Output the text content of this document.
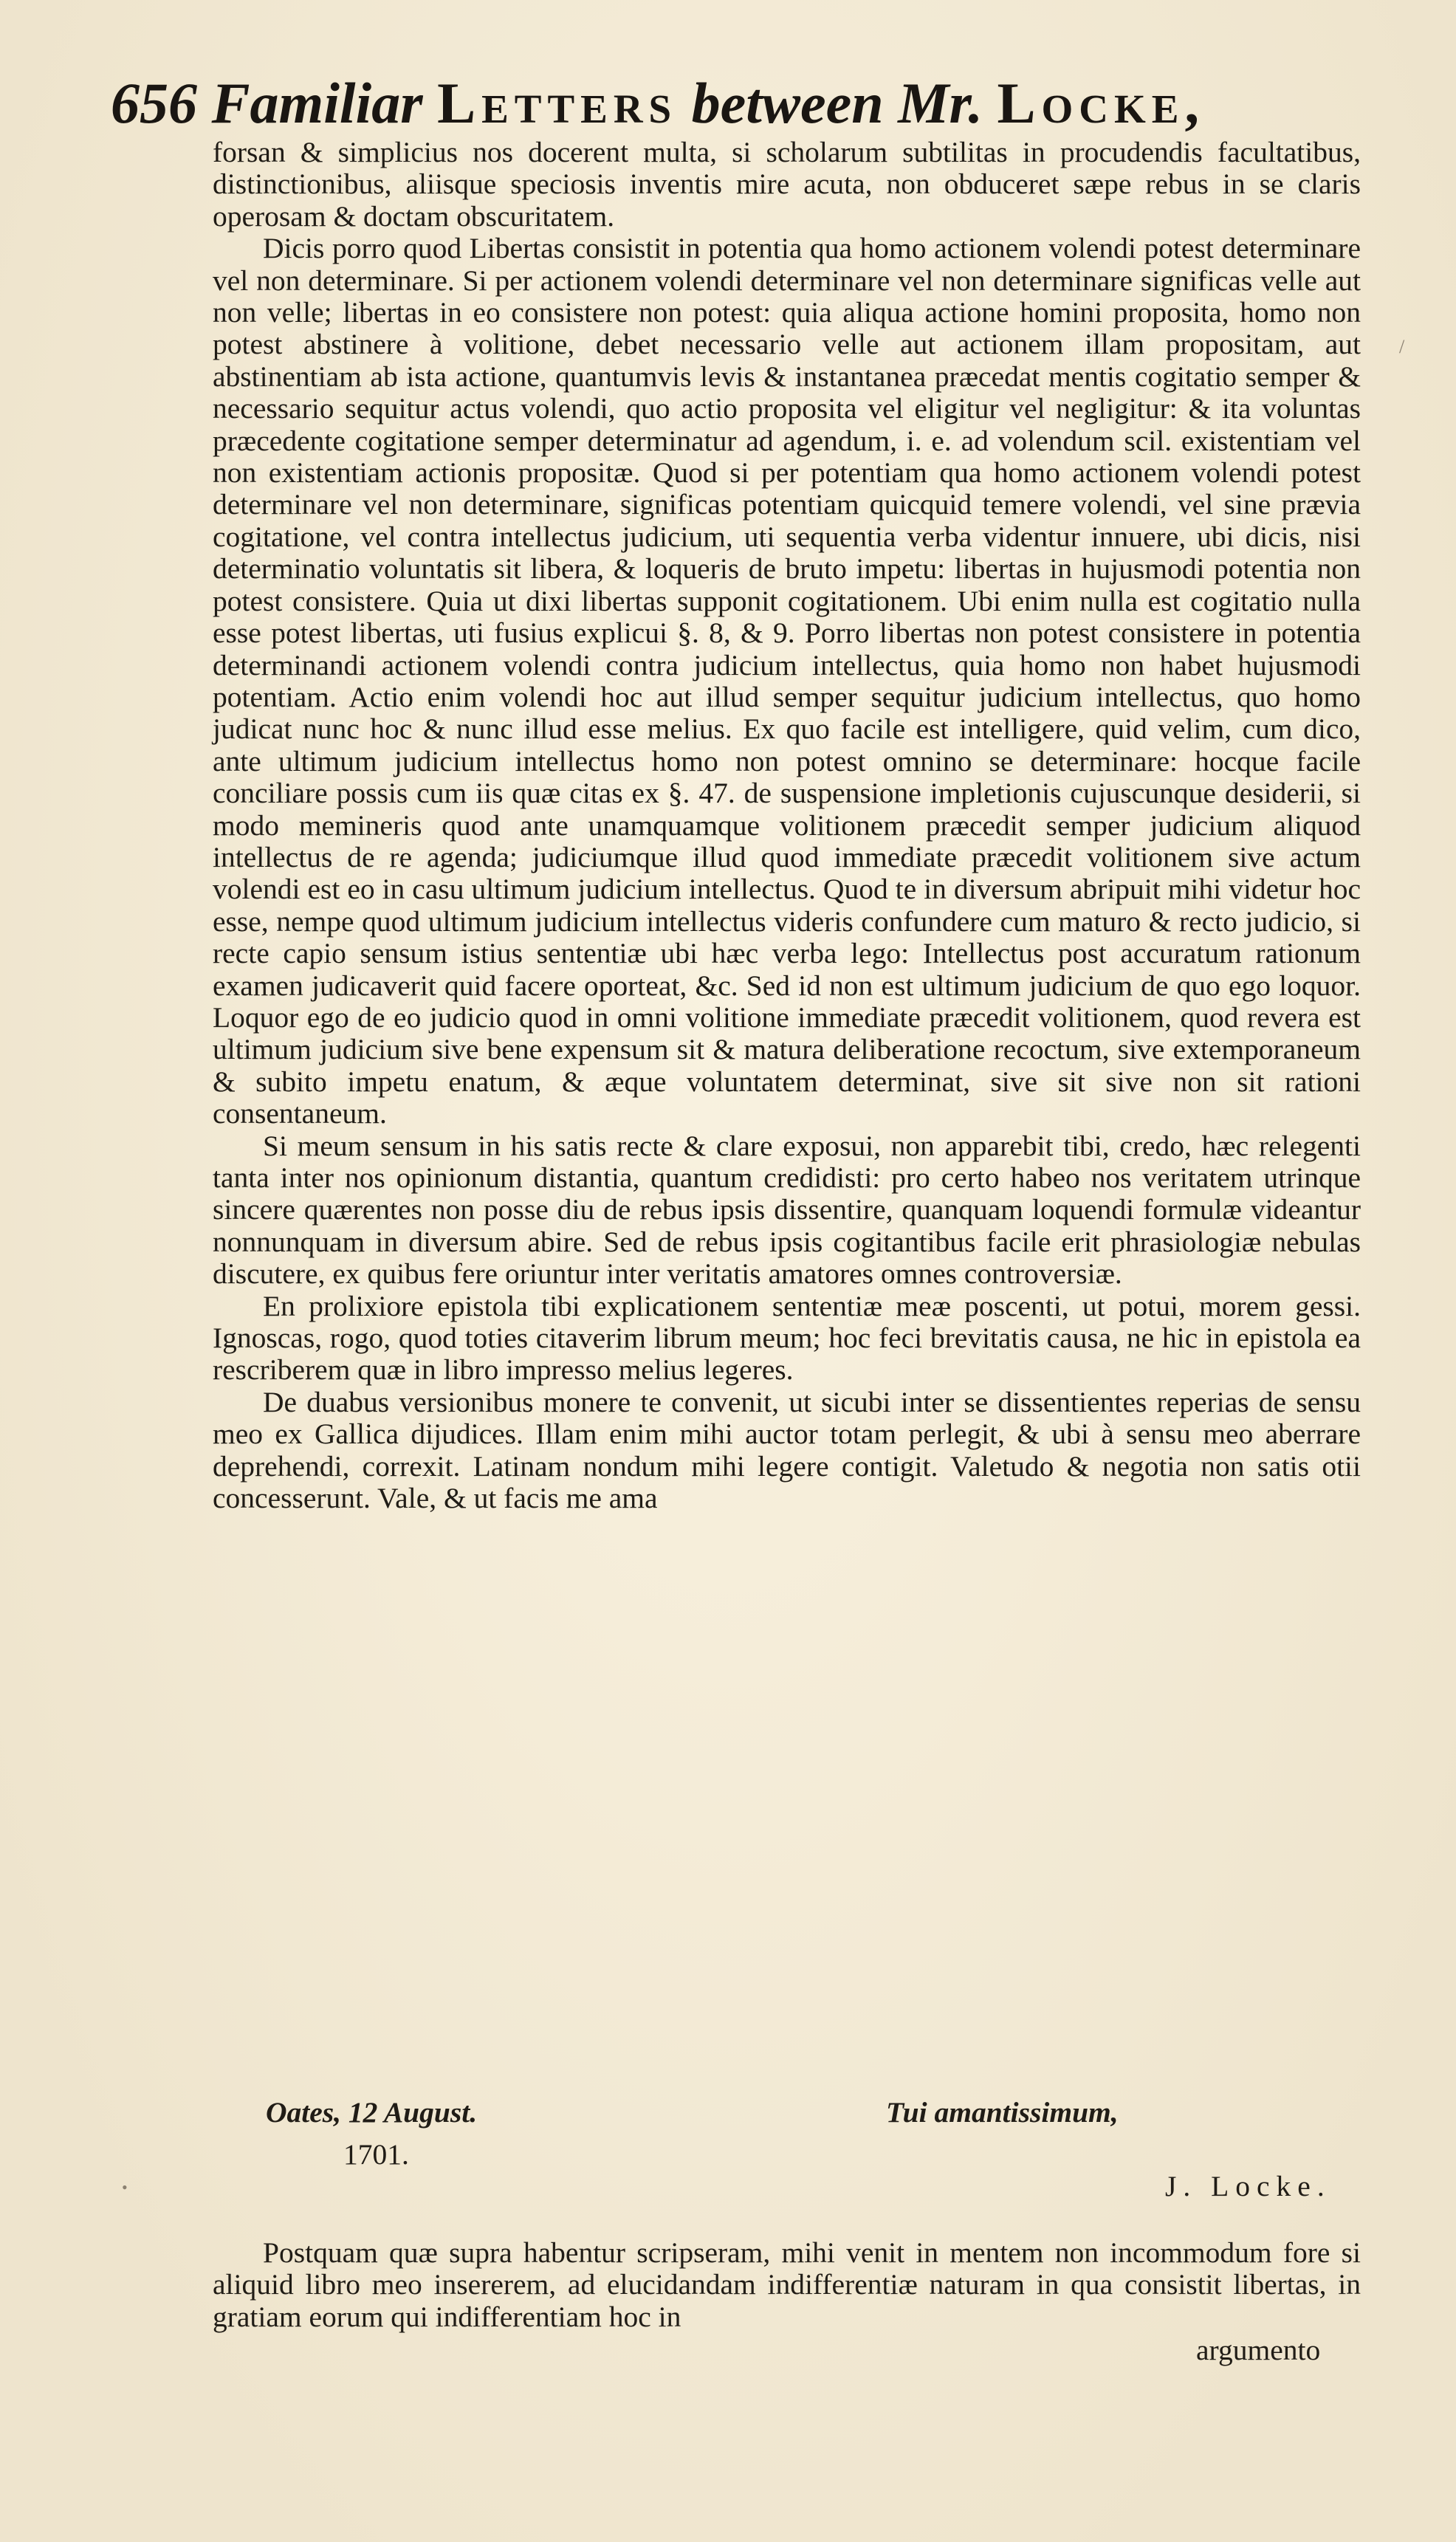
656 Familiar Letters between Mr. Locke,

forsan & simplicius nos docerent multa, si scholarum subtilitas in procudendis facultatibus, distinctionibus, aliisque speciosis inventis mire acuta, non obduceret sæpe rebus in se claris operosam & doctam obscuritatem.

Dicis porro quod Libertas consistit in potentia qua homo actionem volendi potest determinare vel non determinare. Si per actionem volendi determinare vel non determinare significas velle aut non velle; libertas in eo consistere non potest: quia aliqua actione homini proposita, homo non potest abstinere à volitione, debet necessario velle aut actionem illam propositam, aut abstinentiam ab ista actione, quantumvis levis & instantanea præcedat mentis cogitatio semper & necessario sequitur actus volendi, quo actio proposita vel eligitur vel negligitur: & ita voluntas præcedente cogitatione semper determinatur ad agendum, i. e. ad volendum scil. existentiam vel non existentiam actionis propositæ. Quod si per potentiam qua homo actionem volendi potest determinare vel non determinare, significas potentiam quicquid temere volendi, vel sine prævia cogitatione, vel contra intellectus judicium, uti sequentia verba videntur innuere, ubi dicis, nisi determinatio voluntatis sit libera, & loqueris de bruto impetu: libertas in hujusmodi potentia non potest consistere. Quia ut dixi libertas supponit cogitationem. Ubi enim nulla est cogitatio nulla esse potest libertas, uti fusius explicui §. 8, & 9. Porro libertas non potest consistere in potentia determinandi actionem volendi contra judicium intellectus, quia homo non habet hujusmodi potentiam. Actio enim volendi hoc aut illud semper sequitur judicium intellectus, quo homo judicat nunc hoc & nunc illud esse melius. Ex quo facile est intelligere, quid velim, cum dico, ante ultimum judicium intellectus homo non potest omnino se determinare: hocque facile conciliare possis cum iis quæ citas ex §. 47. de suspensione impletionis cujuscunque desiderii, si modo memineris quod ante unamquamque volitionem præcedit semper judicium aliquod intellectus de re agenda; judiciumque illud quod immediate præcedit volitionem sive actum volendi est eo in casu ultimum judicium intellectus. Quod te in diversum abripuit mihi videtur hoc esse, nempe quod ultimum judicium intellectus videris confundere cum maturo & recto judicio, si recte capio sensum istius sententiæ ubi hæc verba lego: Intellectus post accuratum rationum examen judicaverit quid facere oporteat, &c. Sed id non est ultimum judicium de quo ego loquor. Loquor ego de eo judicio quod in omni volitione immediate præcedit volitionem, quod revera est ultimum judicium sive bene expensum sit & matura deliberatione recoctum, sive extemporaneum & subito impetu enatum, & æque voluntatem determinat, sive sit sive non sit rationi consentaneum.

Si meum sensum in his satis recte & clare exposui, non apparebit tibi, credo, hæc relegenti tanta inter nos opinionum distantia, quantum credidisti: pro certo habeo nos veritatem utrinque sincere quærentes non posse diu de rebus ipsis dissentire, quanquam loquendi formulæ videantur nonnunquam in diversum abire. Sed de rebus ipsis cogitantibus facile erit phrasiologiæ nebulas discutere, ex quibus fere oriuntur inter veritatis amatores omnes controversiæ.

En prolixiore epistola tibi explicationem sententiæ meæ poscenti, ut potui, morem gessi. Ignoscas, rogo, quod toties citaverim librum meum; hoc feci brevitatis causa, ne hic in epistola ea rescriberem quæ in libro impresso melius legeres.

De duabus versionibus monere te convenit, ut sicubi inter se dissentientes reperias de sensu meo ex Gallica dijudices. Illam enim mihi auctor totam perlegit, & ubi à sensu meo aberrare deprehendi, correxit. Latinam nondum mihi legere contigit. Valetudo & negotia non satis otii concesserunt. Vale, & ut facis me ama

Oates, 12 August.
1701.
Tui amantissimum,
J. Locke.

Postquam quæ supra habentur scripseram, mihi venit in mentem non incommodum fore si aliquid libro meo insererem, ad elucidandam indifferentiæ naturam in qua consistit libertas, in gratiam eorum qui indifferentiam hoc in

argumento
/
•
